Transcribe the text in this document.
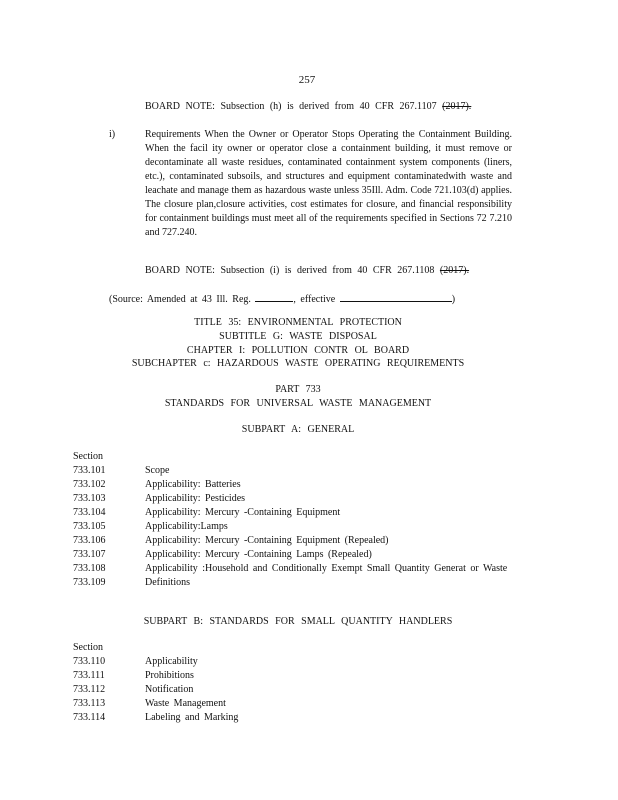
257
BOARD NOTE: Subsection (h) is derived from 40 CFR 267.1107 (2017).
i)	Requirements When the Owner or Operator Stops Operating the Containment Building. When the facil ity owner or operator close a containment building, it must remove or decontaminate all waste residues, contaminated containment system components (liners, etc.), contaminated subsoils, and structures and equipment contaminatedwith waste and leachate and manage them as hazardous waste unless 35Ill. Adm. Code 721.103(d) applies. The closure plan,closure activities, cost estimates for closure, and financial responsibility for containment buildings must meet all of the requirements specified in Sections 72 7.210 and 727.240.
BOARD NOTE: Subsection (i) is derived from 40 CFR 267.1108 (2017).
(Source: Amended at 43 Ill. Reg.	, effective	)
TITLE 35: ENVIRONMENTAL PROTECTION
SUBTITLE G: WASTE DISPOSAL
CHAPTER I: POLLUTION CONTR OL BOARD
SUBCHAPTER c: HAZARDOUS WASTE OPERATING REQUIREMENTS
PART 733
STANDARDS FOR UNIVERSAL WASTE MANAGEMENT
SUBPART A: GENERAL
Section
733.101	Scope
733.102	Applicability: Batteries
733.103	Applicability: Pesticides
733.104	Applicability: Mercury -Containing Equipment
733.105	Applicability:Lamps
733.106	Applicability: Mercury -Containing Equipment (Repealed)
733.107	Applicability: Mercury -Containing Lamps (Repealed)
733.108	Applicability :Household and Conditionally Exempt Small Quantity Generat or Waste
733.109	Definitions
SUBPART B: STANDARDS FOR SMALL QUANTITY HANDLERS
Section
733.110	Applicability
733.111	Prohibitions
733.112	Notification
733.113	Waste Management
733.114	Labeling and Marking
